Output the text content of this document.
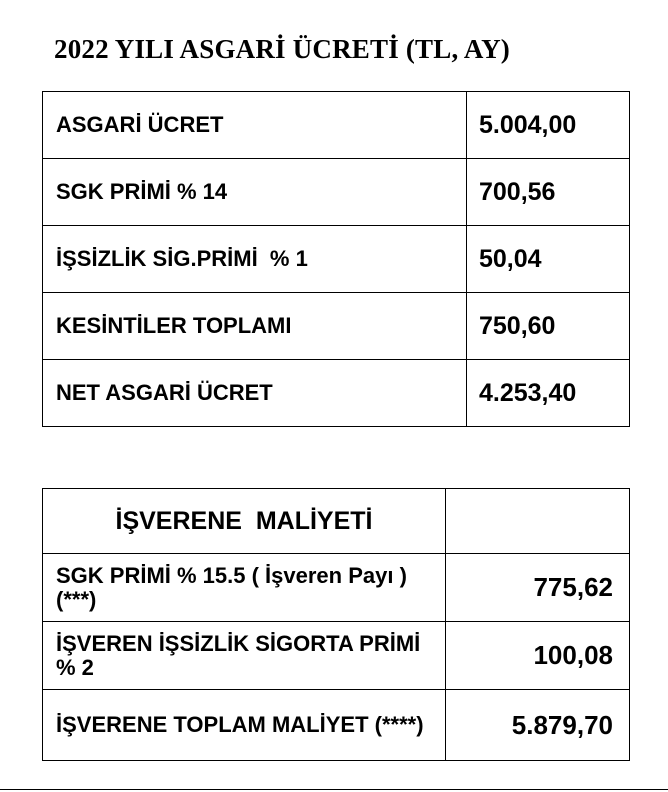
2022 YILI ASGARİ ÜCRETİ (TL, AY)
ASGARİ ÜCRET	5.004,00
SGK PRİMİ % 14	700,56
İŞSİZLİK SİG.PRİMİ  % 1	50,04
KESİNTİLER TOPLAMI	750,60
NET ASGARİ ÜCRET	4.253,40
İŞVERENE  MALİYETİ	
SGK PRİMİ % 15.5 ( İşveren Payı ) (***)	775,62
İŞVEREN İŞSİZLİK SİGORTA PRİMİ  % 2	100,08
İŞVERENE TOPLAM MALİYET (****)	5.879,70
